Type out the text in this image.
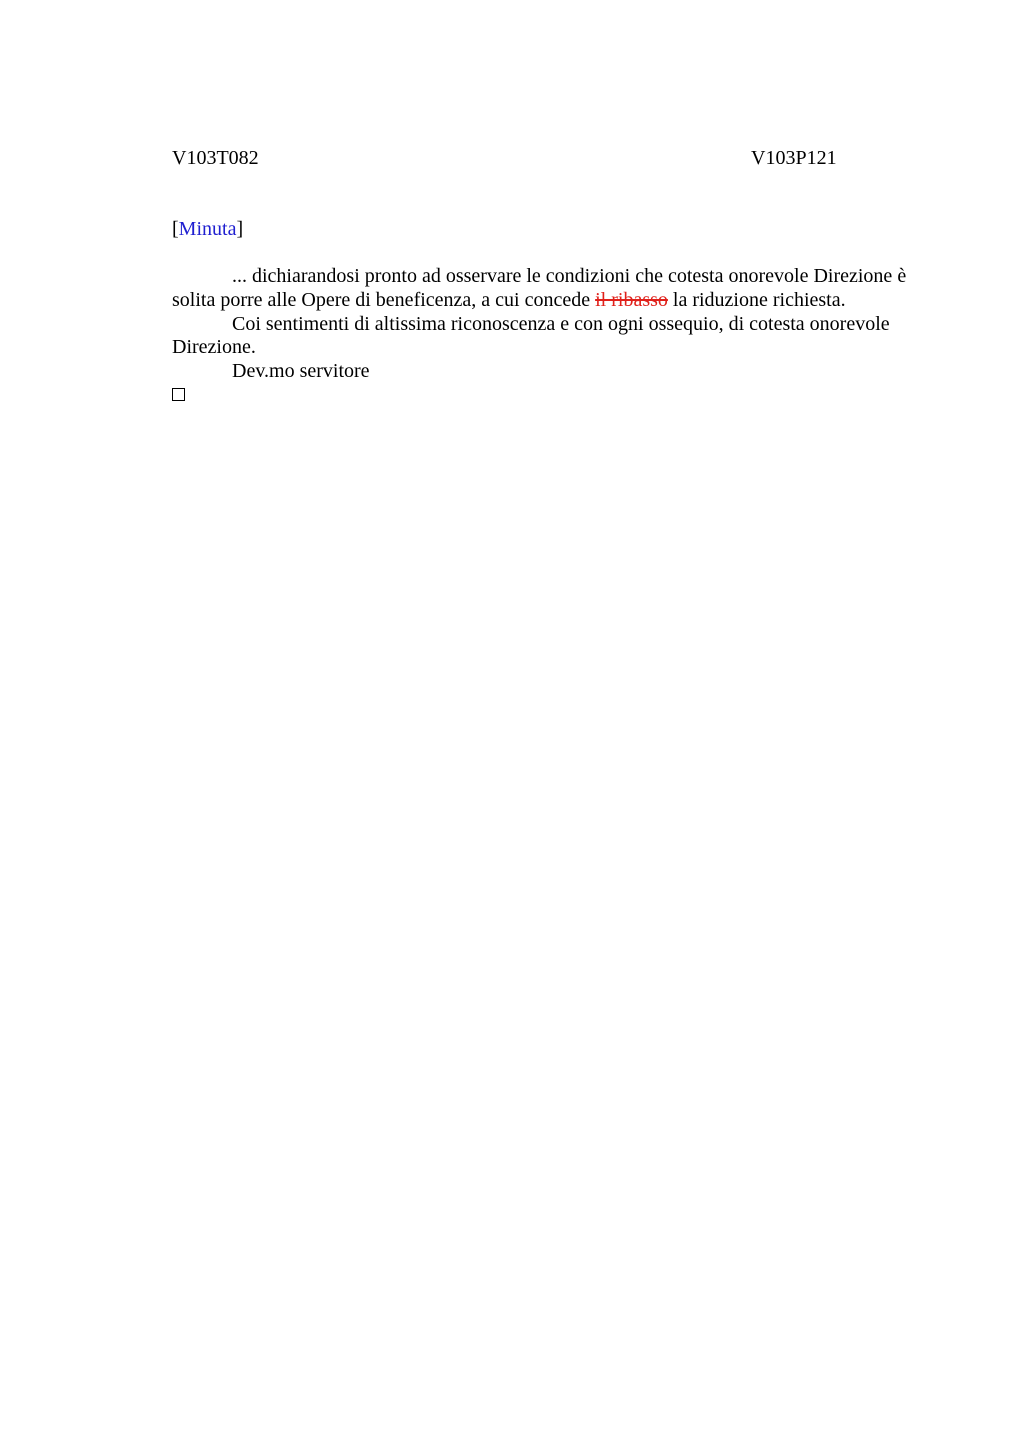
V103T082	V103P121
[Minuta]

... dichiarandosi pronto ad osservare le condizioni che cotesta onorevole Direzione è solita porre alle Opere di beneficenza, a cui concede il ribasso la riduzione richiesta.

Coi sentimenti di altissima riconoscenza e con ogni ossequio, di cotesta onorevole Direzione.

Dev.mo servitore
